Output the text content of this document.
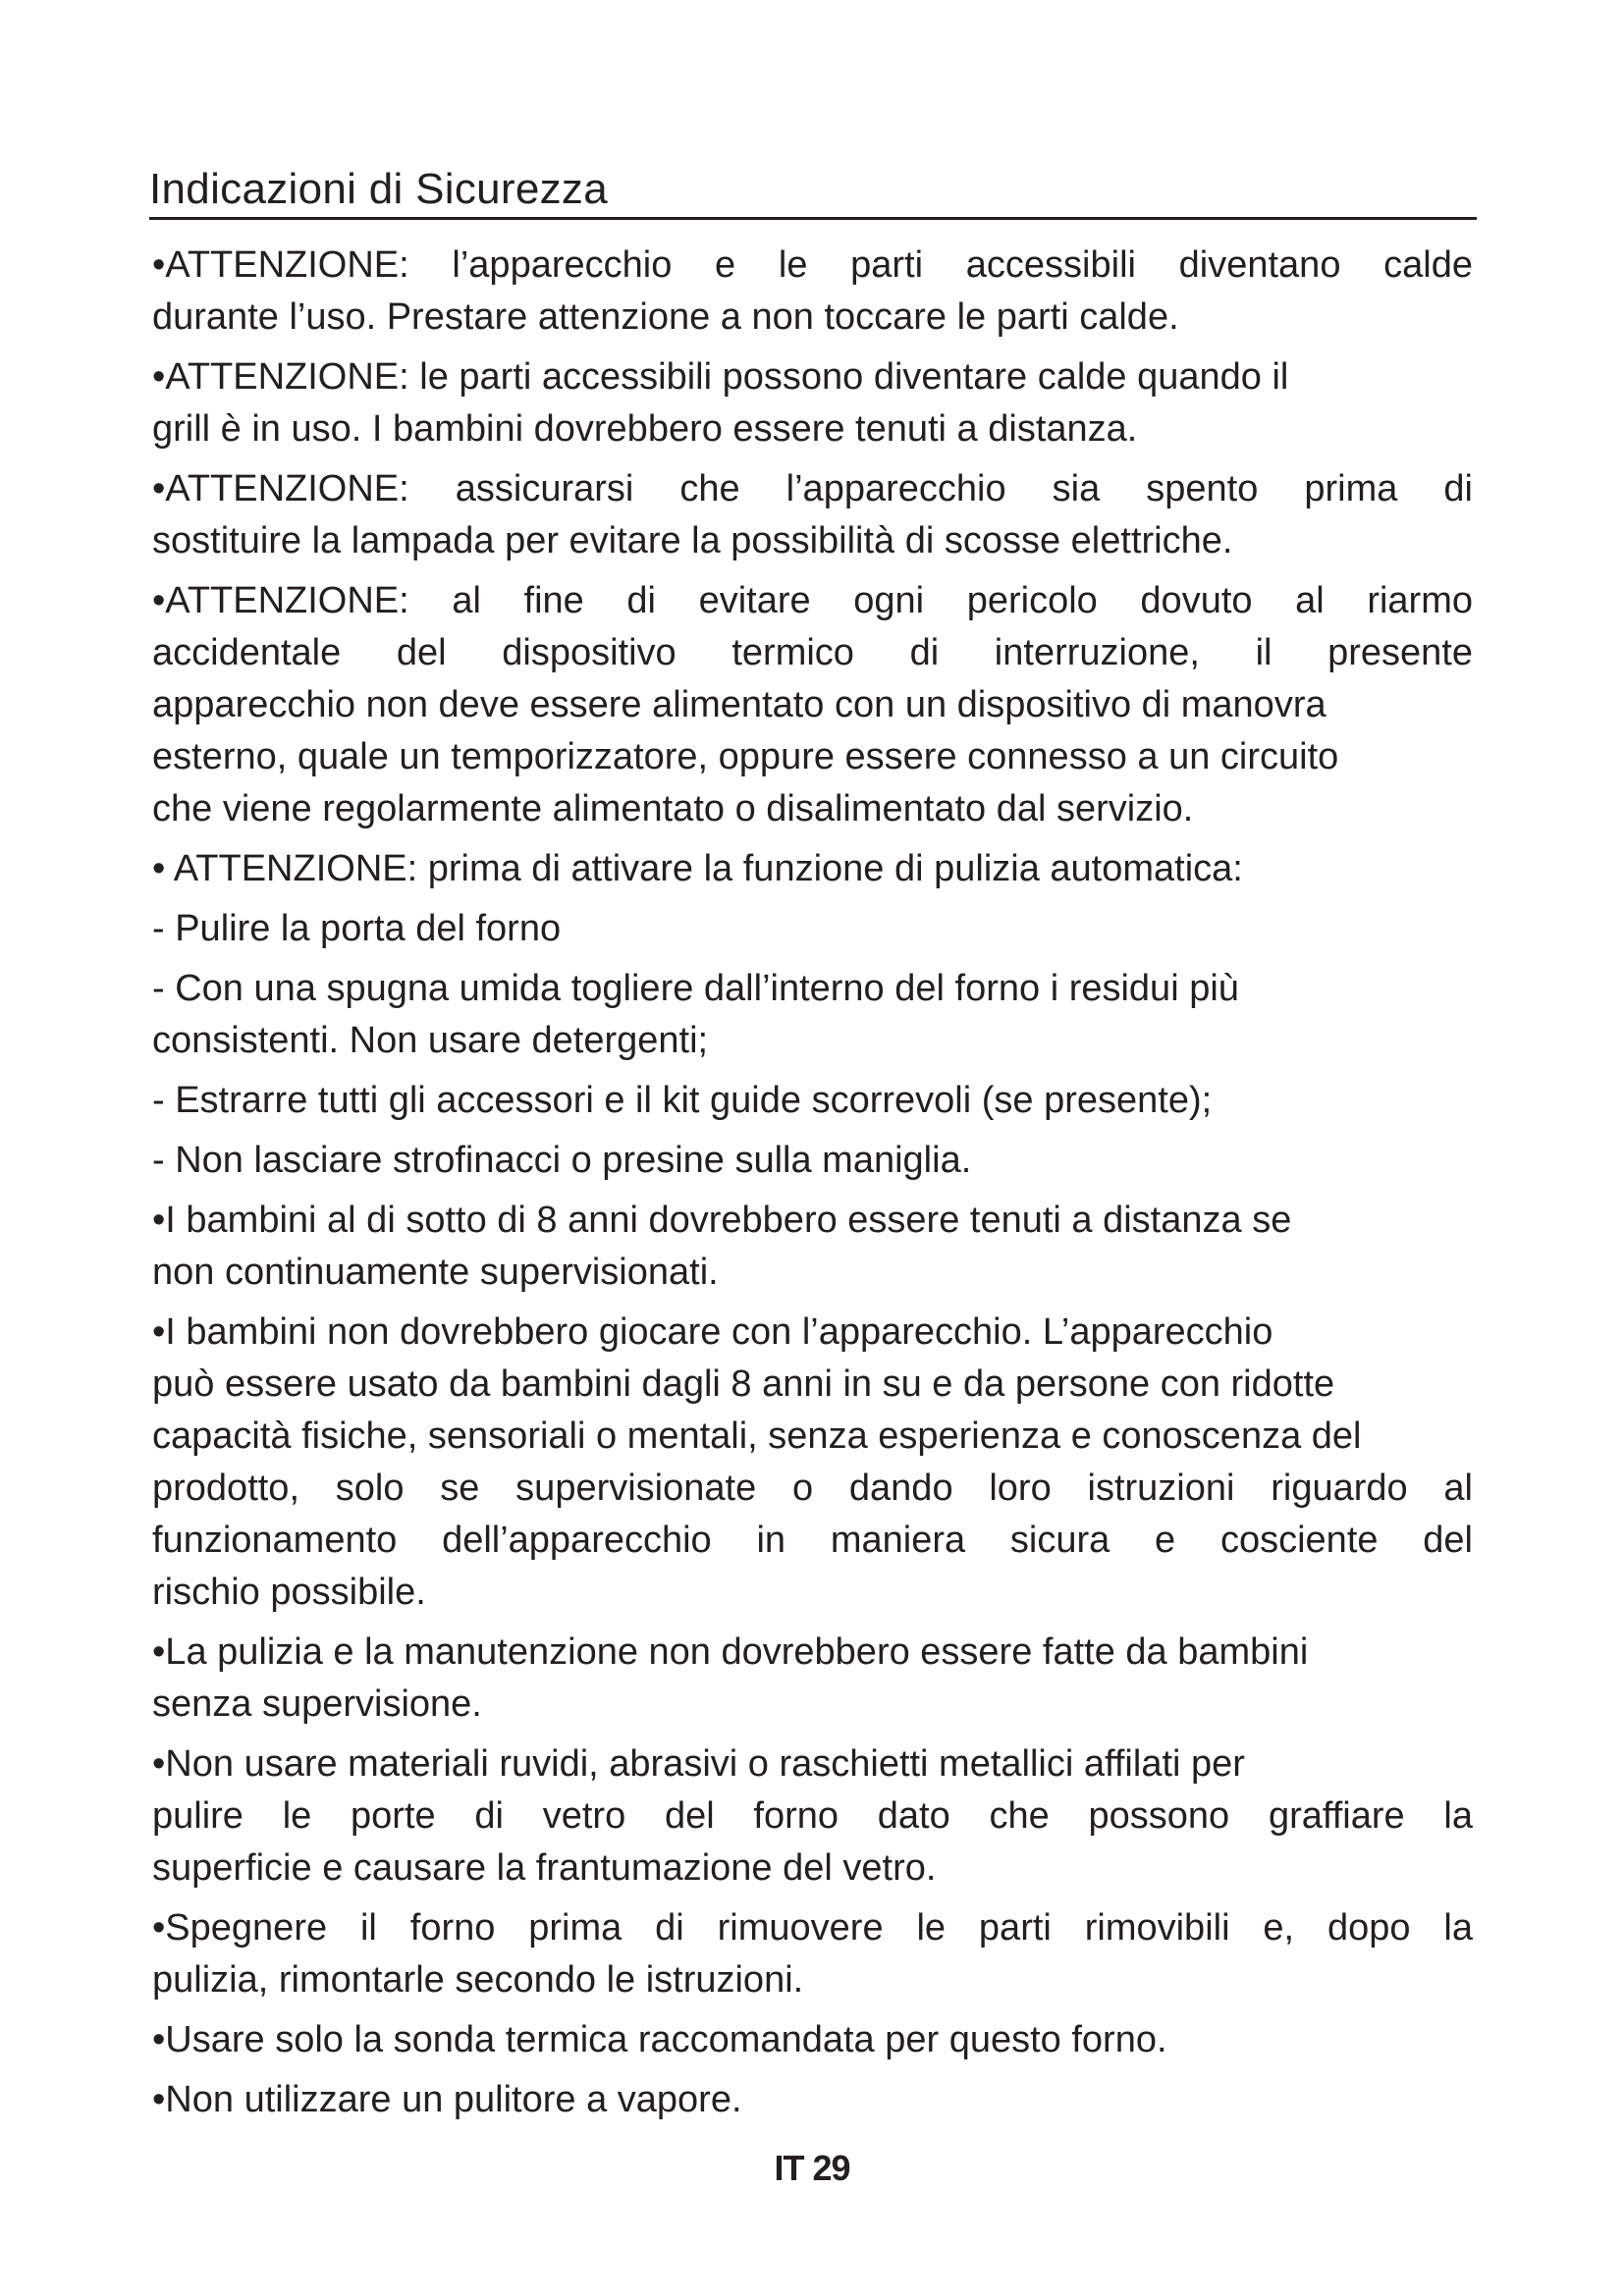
Indicazioni di Sicurezza
•ATTENZIONE: l’apparecchio e le parti accessibili diventano calde
durante l’uso. Prestare attenzione a non toccare le parti calde.
•ATTENZIONE: le parti accessibili possono diventare calde quando il
grill è in uso. I bambini dovrebbero essere tenuti a distanza.
•ATTENZIONE: assicurarsi che l’apparecchio sia spento prima di
sostituire la lampada per evitare la possibilità di scosse elettriche.
•ATTENZIONE: al fine di evitare ogni pericolo dovuto al riarmo
accidentale del dispositivo termico di interruzione, il presente
apparecchio non deve essere alimentato con un dispositivo di manovra
esterno, quale un temporizzatore, oppure essere connesso a un circuito
che viene regolarmente alimentato o disalimentato dal servizio.
• ATTENZIONE: prima di attivare la funzione di pulizia automatica:
- Pulire la porta del forno
- Con una spugna umida togliere dall’interno del forno i residui più
consistenti. Non usare detergenti;
- Estrarre tutti gli accessori e il kit guide scorrevoli (se presente);
- Non lasciare strofinacci o presine sulla maniglia.
•I bambini al di sotto di 8 anni dovrebbero essere tenuti a distanza se
non continuamente supervisionati.
•I bambini non dovrebbero giocare con l’apparecchio. L’apparecchio
può essere usato da bambini dagli 8 anni in su e da persone con ridotte
capacità fisiche, sensoriali o mentali, senza esperienza e conoscenza del
prodotto, solo se supervisionate o dando loro istruzioni riguardo al
funzionamento dell’apparecchio in maniera sicura e cosciente del
rischio possibile.
•La pulizia e la manutenzione non dovrebbero essere fatte da bambini
senza supervisione.
•Non usare materiali ruvidi, abrasivi o raschietti metallici affilati per
pulire le porte di vetro del forno dato che possono graffiare la
superficie e causare la frantumazione del vetro.
•Spegnere il forno prima di rimuovere le parti rimovibili e, dopo la
pulizia, rimontarle secondo le istruzioni.
•Usare solo la sonda termica raccomandata per questo forno.
•Non utilizzare un pulitore a vapore.
IT 29
